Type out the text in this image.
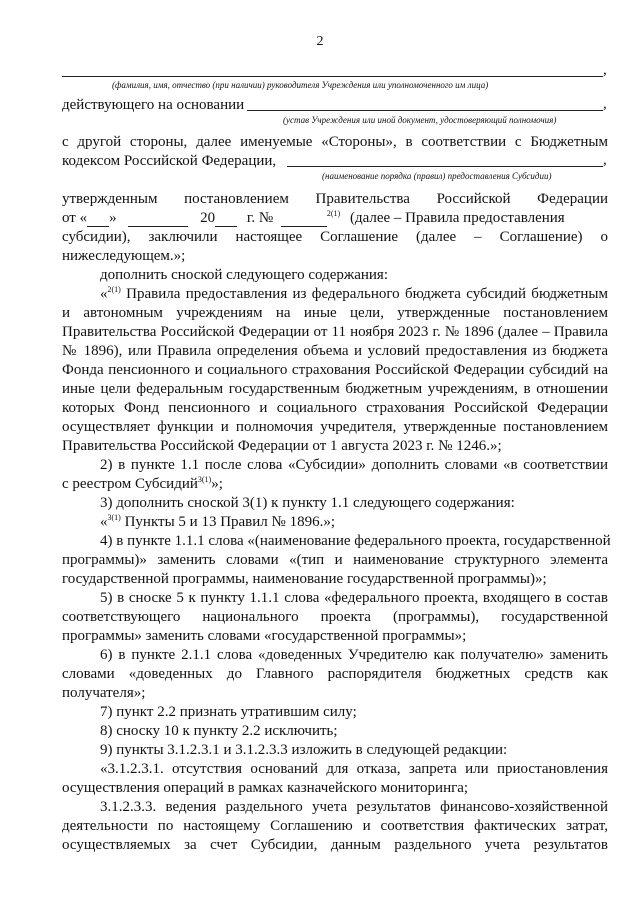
2
,
(фамилия, имя, отчество (при наличии) руководителя Учреждения или уполномоченного им лица)
действующего на основании	,
(устав Учреждения или иной документ, удостоверяющий полномочия)
с другой стороны, далее именуемые «Стороны», в соответствии с Бюджетным
кодексом Российской Федерации,	,
(наименование порядка (правил) предоставления Субсидии)
утвержденным постановлением Правительства Российской Федерации
от « »	20 г. №	$^{2(1)}$ (далее – Правила предоставления
субсидии), заключили настоящее Соглашение (далее – Соглашение) о
нижеследующем.»;
дополнить сноской следующего содержания:
«$^{2(1)}$ Правила предоставления из федерального бюджета субсидий бюджетным
и автономным учреждениям на иные цели, утвержденные постановлением
Правительства Российской Федерации от 11 ноября 2023 г. № 1896 (далее – Правила
№ 1896), или Правила определения объема и условий предоставления из бюджета
Фонда пенсионного и социального страхования Российской Федерации субсидий на
иные цели федеральным государственным бюджетным учреждениям, в отношении
которых Фонд пенсионного и социального страхования Российской Федерации
осуществляет функции и полномочия учредителя, утвержденные постановлением
Правительства Российской Федерации от 1 августа 2023 г. № 1246.»;
2) в пункте 1.1 после слова «Субсидии» дополнить словами «в соответствии
с реестром Субсидий$^{3(1)}$»;
3) дополнить сноской 3(1) к пункту 1.1 следующего содержания:
«$^{3(1)}$ Пункты 5 и 13 Правил № 1896.»;
4) в пункте 1.1.1 слова «(наименование федерального проекта, государственной
программы)» заменить словами «(тип и наименование структурного элемента
государственной программы, наименование государственной программы)»;
5) в сноске 5 к пункту 1.1.1 слова «федерального проекта, входящего в состав
соответствующего национального проекта (программы), государственной
программы» заменить словами «государственной программы»;
6) в пункте 2.1.1 слова «доведенных Учредителю как получателю» заменить
словами «доведенных до Главного распорядителя бюджетных средств как
получателя»;
7) пункт 2.2 признать утратившим силу;
8) сноску 10 к пункту 2.2 исключить;
9) пункты 3.1.2.3.1 и 3.1.2.3.3 изложить в следующей редакции:
«3.1.2.3.1. отсутствия оснований для отказа, запрета или приостановления
осуществления операций в рамках казначейского мониторинга;
3.1.2.3.3. ведения раздельного учета результатов финансово-хозяйственной
деятельности по настоящему Соглашению и соответствия фактических затрат,
осуществляемых за счет Субсидии, данным раздельного учета результатов
